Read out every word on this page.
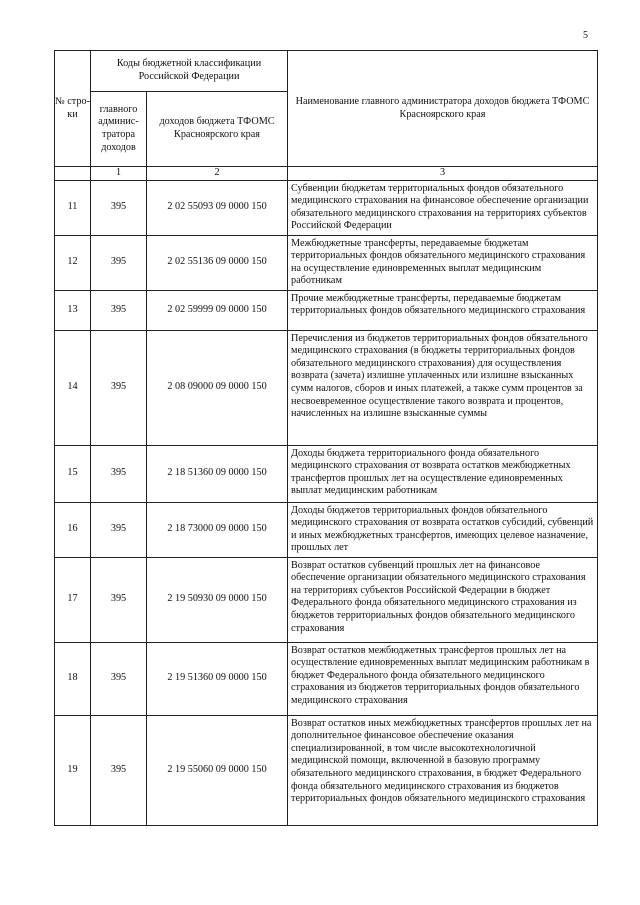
5
№ стро-ки	Коды бюджетной классификации Российской Федерации		Наименование главного администратора доходов бюджета ТФОМС Красноярского края
	главного админис-тратора доходов	доходов бюджета ТФОМС Красноярского края	
	1	2	3
11	395	2 02 55093 09 0000 150	Субвенции бюджетам территориальных фондов обязательного медицинского страхования на финансовое обеспечение организации обязательного медицинского страхования на территориях субъектов Российской Федерации
12	395	2 02 55136 09 0000 150	Межбюджетные трансферты, передаваемые бюджетам территориальных фондов обязательного медицинского страхования на осуществление единовременных выплат медицинским работникам
13	395	2 02 59999 09 0000 150	Прочие межбюджетные трансферты, передаваемые бюджетам территориальных фондов обязательного медицинского страхования
14	395	2 08 09000 09 0000 150	Перечисления из бюджетов территориальных фондов обязательного медицинского страхования (в бюджеты территориальных фондов обязательного медицинского страхования) для осуществления возврата (зачета) излишне уплаченных или излишне взысканных сумм налогов, сборов и иных платежей, а также сумм процентов за несвоевременное осуществление такого возврата и процентов, начисленных на излишне взысканные суммы
15	395	2 18 51360 09 0000 150	Доходы бюджета территориального фонда обязательного медицинского страхования от возврата остатков межбюджетных трансфертов прошлых лет на осуществление единовременных выплат медицинским работникам
16	395	2 18 73000 09 0000 150	Доходы бюджетов территориальных фондов обязательного медицинского страхования от возврата остатков субсидий, субвенций и иных межбюджетных трансфертов, имеющих целевое назначение, прошлых лет
17	395	2 19 50930 09 0000 150	Возврат остатков субвенций прошлых лет на финансовое обеспечение организации обязательного медицинского страхования на территориях субъектов Российской Федерации в бюджет Федерального фонда обязательного медицинского страхования из бюджетов территориальных фондов обязательного медицинского страхования
18	395	2 19 51360 09 0000 150	Возврат остатков межбюджетных трансфертов прошлых лет на осуществление единовременных выплат медицинским работникам в бюджет Федерального фонда обязательного медицинского страхования из бюджетов территориальных фондов обязательного медицинского страхования
19	395	2 19 55060 09 0000 150	Возврат остатков иных межбюджетных трансфертов прошлых лет на дополнительное финансовое обеспечение оказания специализированной, в том числе высокотехнологичной медицинской помощи, включенной в базовую программу обязательного медицинского страхования, в бюджет Федерального фонда обязательного медицинского страхования из бюджетов территориальных фондов обязательного медицинского страхования
